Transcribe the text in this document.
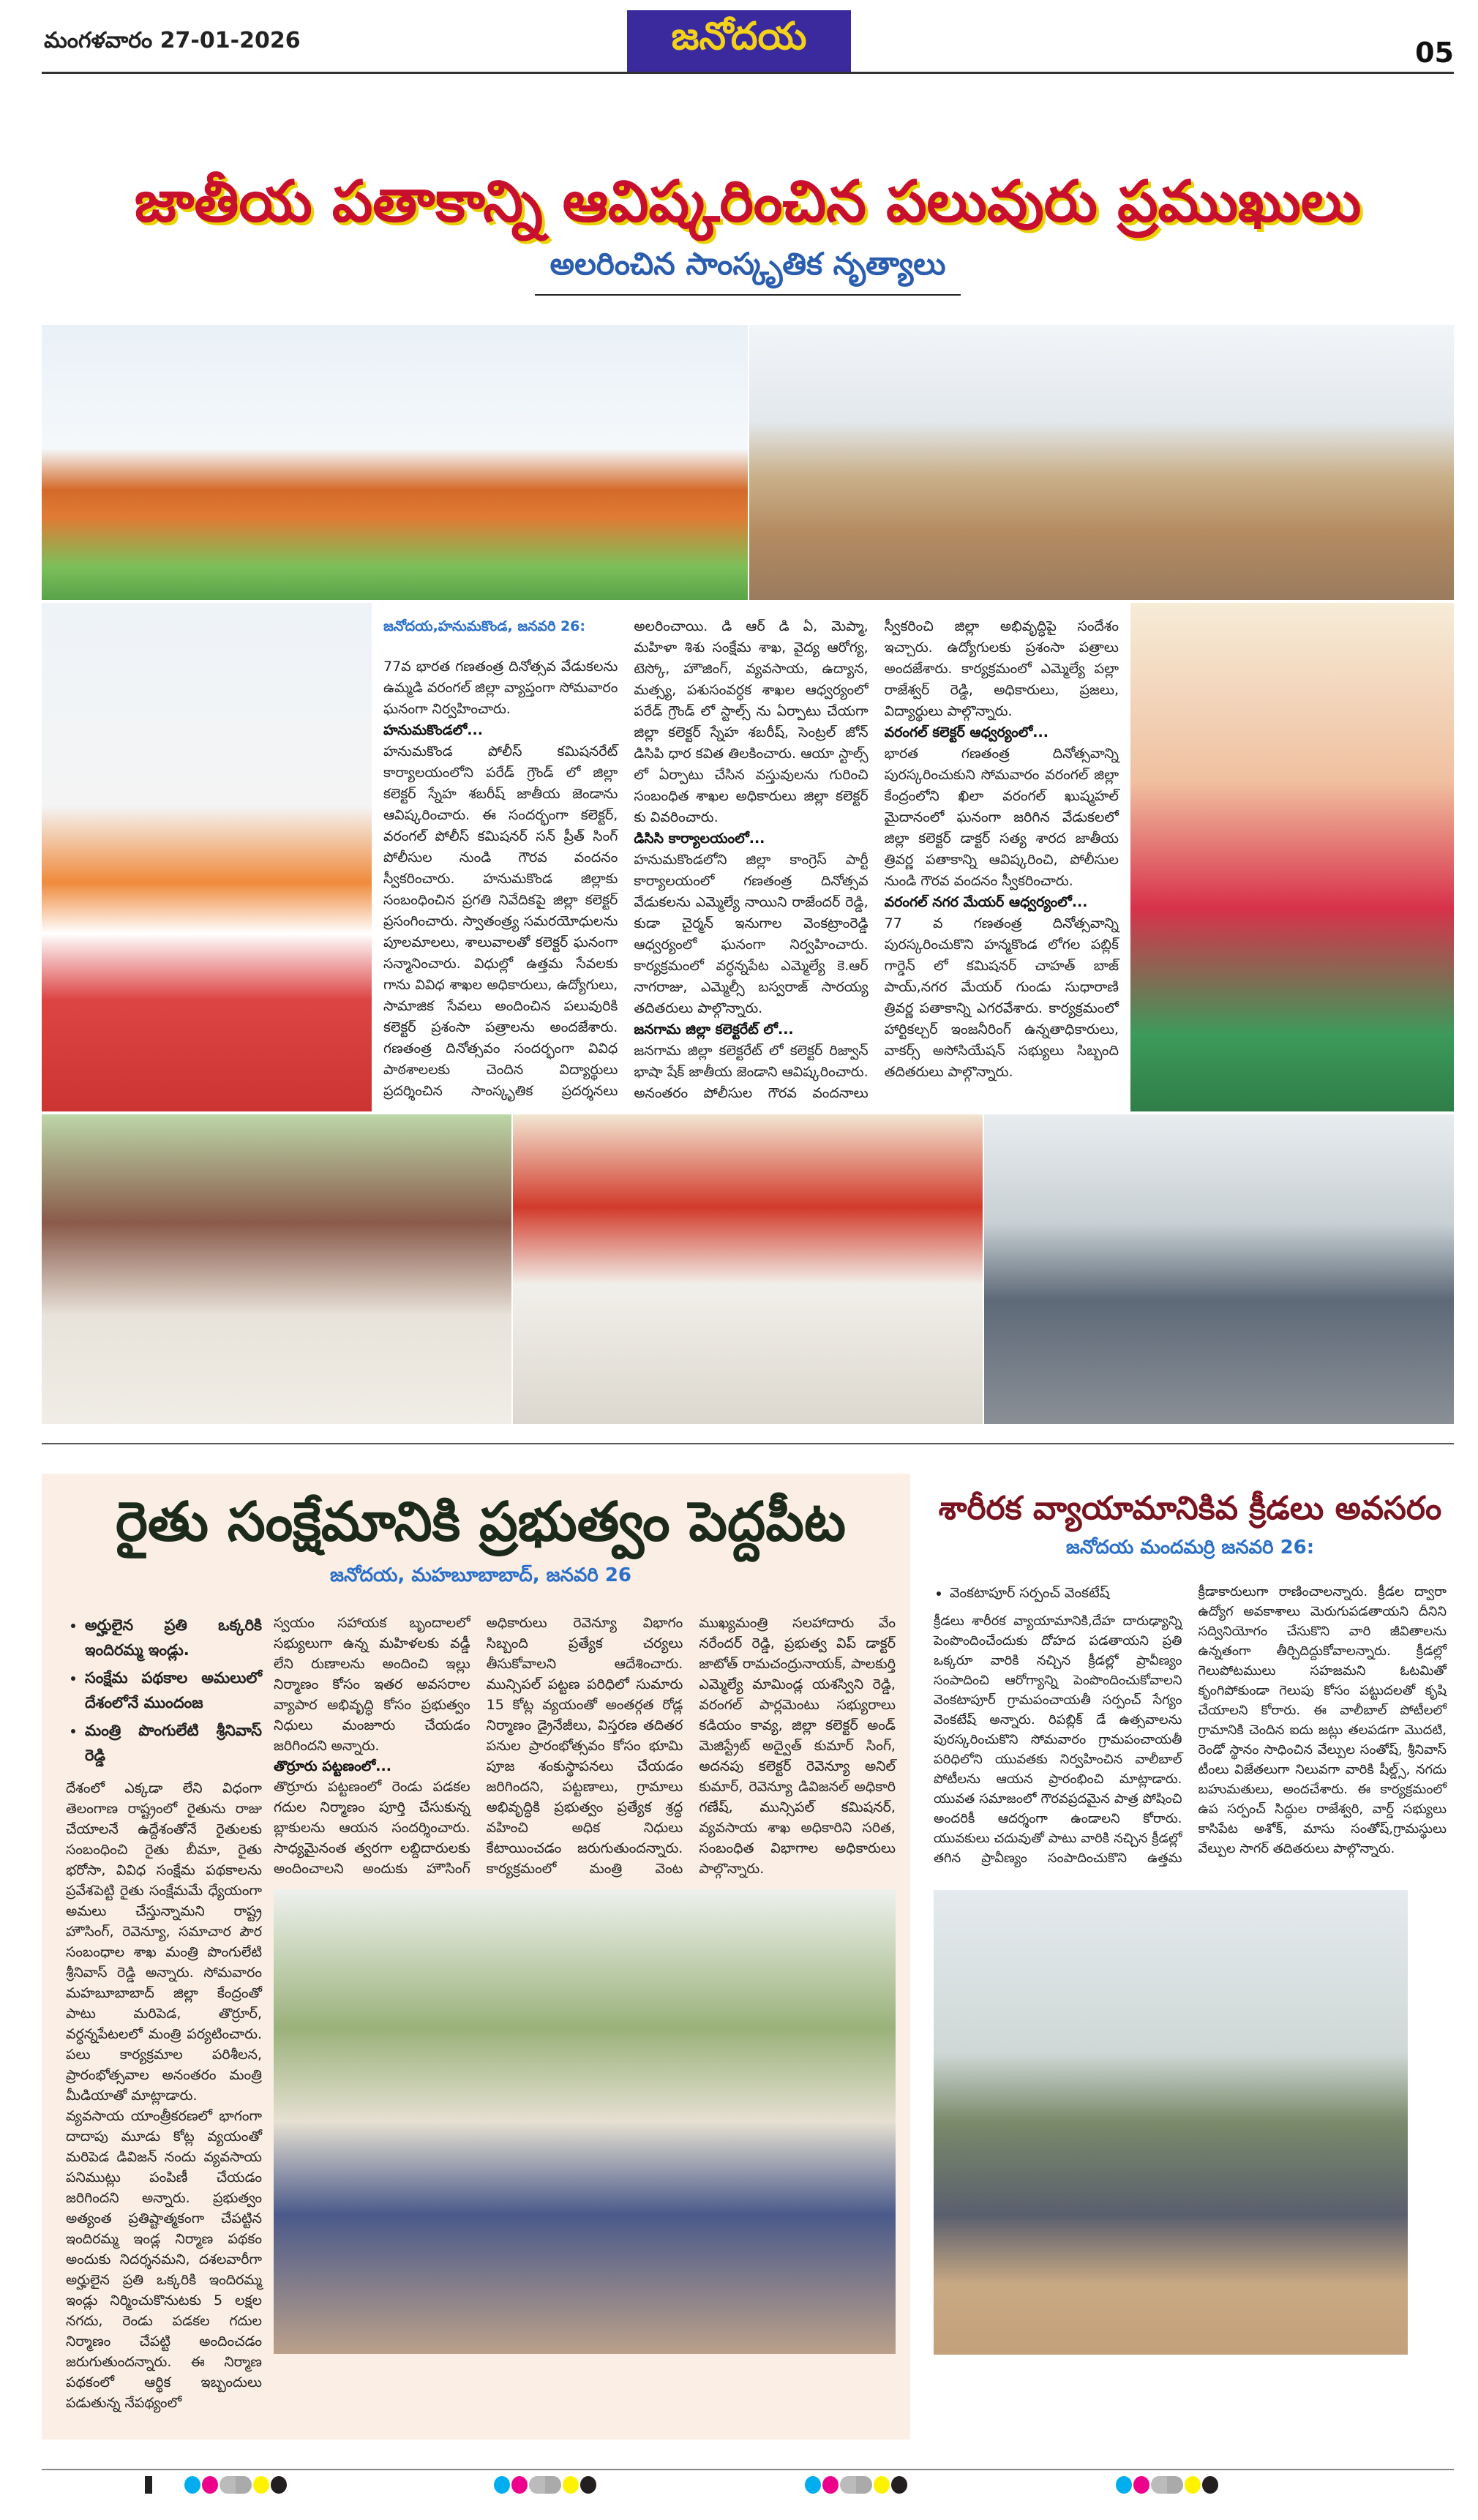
మంగళవారం 27-01-2026	జనోదయ	05
జాతీయ పతాకాన్ని ఆవిష్కరించిన పలువురు ప్రముఖులు
అలరించిన సాంస్కృతిక నృత్యాలు

జనోదయ,హనుమకొండ, జనవరి 26:

77వ భారత గణతంత్ర దినోత్సవ వేడుకలను ఉమ్మడి వరంగల్ జిల్లా వ్యాప్తంగా సోమవారం ఘనంగా నిర్వహించారు.

హనుమకొండలో...

హనుమకొండ పోలీస్ కమిషనరేట్ కార్యాలయంలోని పరేడ్ గ్రౌండ్ లో జిల్లా కలెక్టర్ స్నేహ శబరీష్ జాతీయ జెండాను ఆవిష్కరించారు. ఈ సందర్భంగా కలెక్టర్, వరంగల్ పోలీస్ కమిషనర్ సన్ ప్రీత్ సింగ్ పోలీసుల నుండి గౌరవ వందనం స్వీకరించారు. హనుమకొండ జిల్లాకు సంబంధించిన ప్రగతి నివేదికపై జిల్లా కలెక్టర్ ప్రసంగించారు. స్వాతంత్ర్య సమరయోధులను పూలమాలలు, శాలువాలతో కలెక్టర్ ఘనంగా సన్మానించారు. విధుల్లో ఉత్తమ సేవలకు గాను వివిధ శాఖల అధికారులు, ఉద్యోగులు, సామాజిక సేవలు అందించిన పలువురికి కలెక్టర్ ప్రశంసా పత్రాలను అందజేశారు. గణతంత్ర దినోత్సవం సందర్భంగా వివిధ పాఠశాలలకు చెందిన విద్యార్థులు ప్రదర్శించిన సాంస్కృతిక ప్రదర్శనలు అలరించాయి. డి ఆర్ డి ఏ, మెప్మా, మహిళా శిశు సంక్షేమ శాఖ, వైద్య ఆరోగ్య, టెస్కో, హౌజింగ్, వ్యవసాయ, ఉద్యాన, మత్స్య, పశుసంవర్ధక శాఖల ఆధ్వర్యంలో పరేడ్ గ్రౌండ్ లో స్టాల్స్ ను ఏర్పాటు చేయగా జిల్లా కలెక్టర్ స్నేహ శబరీష్, సెంట్రల్ జోన్ డిసిపి ధార కవిత తిలకించారు. ఆయా స్టాల్స్ లో ఏర్పాటు చేసిన వస్తువులను గురించి సంబంధిత శాఖల అధికారులు జిల్లా కలెక్టర్ కు వివరించారు.

డిసిసి కార్యాలయంలో...

హనుమకొండలోని జిల్లా కాంగ్రెస్ పార్టీ కార్యాలయంలో గణతంత్ర దినోత్సవ వేడుకలను ఎమ్మెల్యే నాయిని రాజేందర్ రెడ్డి, కుడా చైర్మన్ ఇనుగాల వెంకట్రాంరెడ్డి ఆధ్వర్యంలో ఘనంగా నిర్వహించారు. కార్యక్రమంలో వర్ధన్నపేట ఎమ్మెల్యే కె.ఆర్ నాగరాజు, ఎమ్మెల్సీ బస్వరాజ్ సారయ్య తదితరులు పాల్గొన్నారు.

జనగామ జిల్లా కలెక్టరేట్ లో...

జనగామ జిల్లా కలెక్టరేట్ లో కలెక్టర్ రిజ్వాన్ భాషా షేక్ జాతీయ జెండాని ఆవిష్కరించారు. అనంతరం పోలీసుల గౌరవ వందనాలు స్వీకరించి జిల్లా అభివృద్ధిపై సందేశం ఇచ్చారు. ఉద్యోగులకు ప్రశంసా పత్రాలు అందజేశారు. కార్యక్రమంలో ఎమ్మెల్యే పల్లా రాజేశ్వర్ రెడ్డి, అధికారులు, ప్రజలు, విద్యార్థులు పాల్గొన్నారు.

వరంగల్ కలెక్టర్ ఆధ్వర్యంలో...

భారత గణతంత్ర దినోత్సవాన్ని పురస్కరించుకుని సోమవారం వరంగల్ జిల్లా కేంద్రంలోని ఖిలా వరంగల్ ఖుష్మహల్ మైదానంలో ఘనంగా జరిగిన వేడుకలలో జిల్లా కలెక్టర్ డాక్టర్ సత్య శారద జాతీయ త్రివర్ణ పతాకాన్ని ఆవిష్కరించి, పోలీసుల నుండి గౌరవ వందనం స్వీకరించారు.

వరంగల్ నగర మేయర్ ఆధ్వర్యంలో...

77 వ గణతంత్ర దినోత్సవాన్ని పురస్కరించుకొని హన్మకొండ లోగల పబ్లిక్ గార్డెన్ లో కమిషనర్ చాహత్ బాజ్ పాయ్,నగర మేయర్ గుండు సుధారాణి త్రివర్ణ పతాకాన్ని ఎగరవేశారు. కార్యక్రమంలో హార్టికల్చర్ ఇంజనీరింగ్ ఉన్నతాధికారులు, వాకర్స్ అసోసియేషన్ సభ్యులు సిబ్బంది తదితరులు పాల్గొన్నారు.

రైతు సంక్షేమానికి ప్రభుత్వం పెద్దపీట
జనోదయ, మహబూబాబాద్, జనవరి 26
• అర్హులైన ప్రతి ఒక్కరికి ఇందిరమ్మ ఇండ్లు.
• సంక్షేమ పథకాల అమలులో దేశంలోనే ముందంజ
• మంత్రి పొంగులేటి శ్రీనివాస్ రెడ్డి

దేశంలో ఎక్కడా లేని విధంగా తెలంగాణ రాష్ట్రంలో రైతును రాజు చేయాలనే ఉద్దేశంతోనే రైతులకు సంబంధించి రైతు బీమా, రైతు భరోసా, వివిధ సంక్షేమ పథకాలను ప్రవేశపెట్టి రైతు సంక్షేమమే ధ్యేయంగా అమలు చేస్తున్నామని రాష్ట్ర హౌసింగ్, రెవెన్యూ, సమాచార పౌర సంబంధాల శాఖ మంత్రి పొంగులేటి శ్రీనివాస్ రెడ్డి అన్నారు. సోమవారం మహబూబాబాద్ జిల్లా కేంద్రంతో పాటు మరిపెడ, తొర్రూర్, వర్ధన్నపేటలలో మంత్రి పర్యటించారు. పలు కార్యక్రమాల పరిశీలన, ప్రారంభోత్సవాల అనంతరం మంత్రి మీడియాతో మాట్లాడారు.

వ్యవసాయ యాంత్రీకరణలో భాగంగా దాదాపు మూడు కోట్ల వ్యయంతో మరిపెడ డివిజన్ నందు వ్యవసాయ పనిముట్లు పంపిణీ చేయడం జరిగిందని అన్నారు. ప్రభుత్వం అత్యంత ప్రతిష్టాత్మకంగా చేపట్టిన ఇందిరమ్మ ఇండ్ల నిర్మాణ పథకం అందుకు నిదర్శనమని, దశలవారీగా అర్హులైన ప్రతి ఒక్కరికి ఇందిరమ్మ ఇండ్లు నిర్మించుకొనుటకు 5 లక్షల నగదు, రెండు పడకల గదుల నిర్మాణం చేపట్టి అందించడం జరుగుతుందన్నారు. ఈ నిర్మాణ పథకంలో ఆర్థిక ఇబ్బందులు పడుతున్న నేపథ్యంలో

స్వయం సహాయక బృందాలలో సభ్యులుగా ఉన్న మహిళలకు వడ్డీ లేని రుణాలను అందించి ఇల్లు నిర్మాణం కోసం ఇతర అవసరాల వ్యాపార అభివృద్ధి కోసం ప్రభుత్వం నిధులు మంజూరు చేయడం జరిగిందని అన్నారు.

తొర్రూరు పట్టణంలో...

తొర్రూరు పట్టణంలో రెండు పడకల గదుల నిర్మాణం పూర్తి చేసుకున్న బ్లాకులను ఆయన సందర్శించారు. సాధ్యమైనంత త్వరగా లబ్దిదారులకు అందించాలని అందుకు హౌసింగ్ అధికారులు రెవెన్యూ విభాగం సిబ్బంది ప్రత్యేక చర్యలు తీసుకోవాలని ఆదేశించారు. మున్సిపల్ పట్టణ పరిధిలో సుమారు 15 కోట్ల వ్యయంతో అంతర్గత రోడ్ల నిర్మాణం డ్రైనేజీలు, విస్తరణ తదితర పనుల ప్రారంభోత్సవం కోసం భూమి పూజ శంకుస్థాపనలు చేయడం జరిగిందని, పట్టణాలు, గ్రామాలు అభివృద్ధికి ప్రభుత్వం ప్రత్యేక శ్రద్ధ వహించి అధిక నిధులు కేటాయించడం జరుగుతుందన్నారు. కార్యక్రమంలో మంత్రి వెంట ముఖ్యమంత్రి సలహాదారు వేం నరేందర్ రెడ్డి, ప్రభుత్వ విప్ డాక్టర్ జాటోత్ రామచంద్రునాయక్, పాలకుర్తి ఎమ్మెల్యే మామిండ్ల యశస్విని రెడ్డి, వరంగల్ పార్లమెంటు సభ్యురాలు కడియం కావ్య, జిల్లా కలెక్టర్ అండ్ మెజిస్ట్రేట్ అద్వైత్ కుమార్ సింగ్, అదనపు కలెక్టర్ రెవెన్యూ అనిల్ కుమార్, రెవెన్యూ డివిజనల్ అధికారి గణేష్, మున్సిపల్ కమిషనర్, వ్యవసాయ శాఖ అధికారిని సరిత, సంబంధిత విభాగాల అధికారులు పాల్గొన్నారు.

శారీరక వ్యాయామానికివ క్రీడలు అవసరం
జనోదయ మందమర్రి జనవరి 26:
• వెంకటాపూర్ సర్పంచ్ వెంకటేష్

క్రీడలు శారీరక వ్యాయామానికి,దేహ దారుఢ్యాన్ని పెంపొందించేందుకు దోహద పడతాయని ప్రతి ఒక్కరూ వారికి నచ్చిన క్రీడల్లో ప్రావీణ్యం సంపాదించి ఆరోగ్యాన్ని పెంపొందించుకోవాలని వెంకటాపూర్ గ్రామపంచాయతీ సర్పంచ్ సేగ్యం వెంకటేష్ అన్నారు. రిపబ్లిక్ డే ఉత్సవాలను పురస్కరించుకొని సోమవారం గ్రామపంచాయతీ పరిధిలోని యువతకు నిర్వహించిన వాలీబాల్ పోటీలను ఆయన ప్రారంభించి మాట్లాడారు. యువత సమాజంలో గౌరవప్రదమైన పాత్ర పోషించి అందరికీ ఆదర్శంగా ఉండాలని కోరారు. యువకులు చదువుతో పాటు వారికి నచ్చిన క్రీడల్లో తగిన ప్రావీణ్యం సంపాదించుకొని ఉత్తమ క్రీడాకారులుగా రాణించాలన్నారు. క్రీడల ద్వారా ఉద్యోగ అవకాశాలు మెరుగుపడతాయని దీనిని సద్వినియోగం చేసుకొని వారి జీవితాలను ఉన్నతంగా తీర్చిదిద్దుకోవాలన్నారు. క్రీడల్లో గెలుపోటములు సహజమని ఓటమితో కృంగిపోకుండా గెలుపు కోసం పట్టుదలతో కృషి చేయాలని కోరారు. ఈ వాలీబాల్ పోటీలలో గ్రామానికి చెందిన ఐదు జట్లు తలపడగా మొదటి, రెండో స్థానం సాధించిన వేల్పుల సంతోష్, శ్రీనివాస్ టీంలు విజేతలుగా నిలువగా వారికి షీల్డ్స్, నగదు బహుమతులు, అందచేశారు. ఈ కార్యక్రమంలో ఉప సర్పంచ్ సిద్ధుల రాజేశ్వరి, వార్డ్ సభ్యులు కాసిపేట అశోక్, మాసు సంతోష్,గ్రామస్థులు వేల్పుల సాగర్ తదితరులు పాల్గొన్నారు.
